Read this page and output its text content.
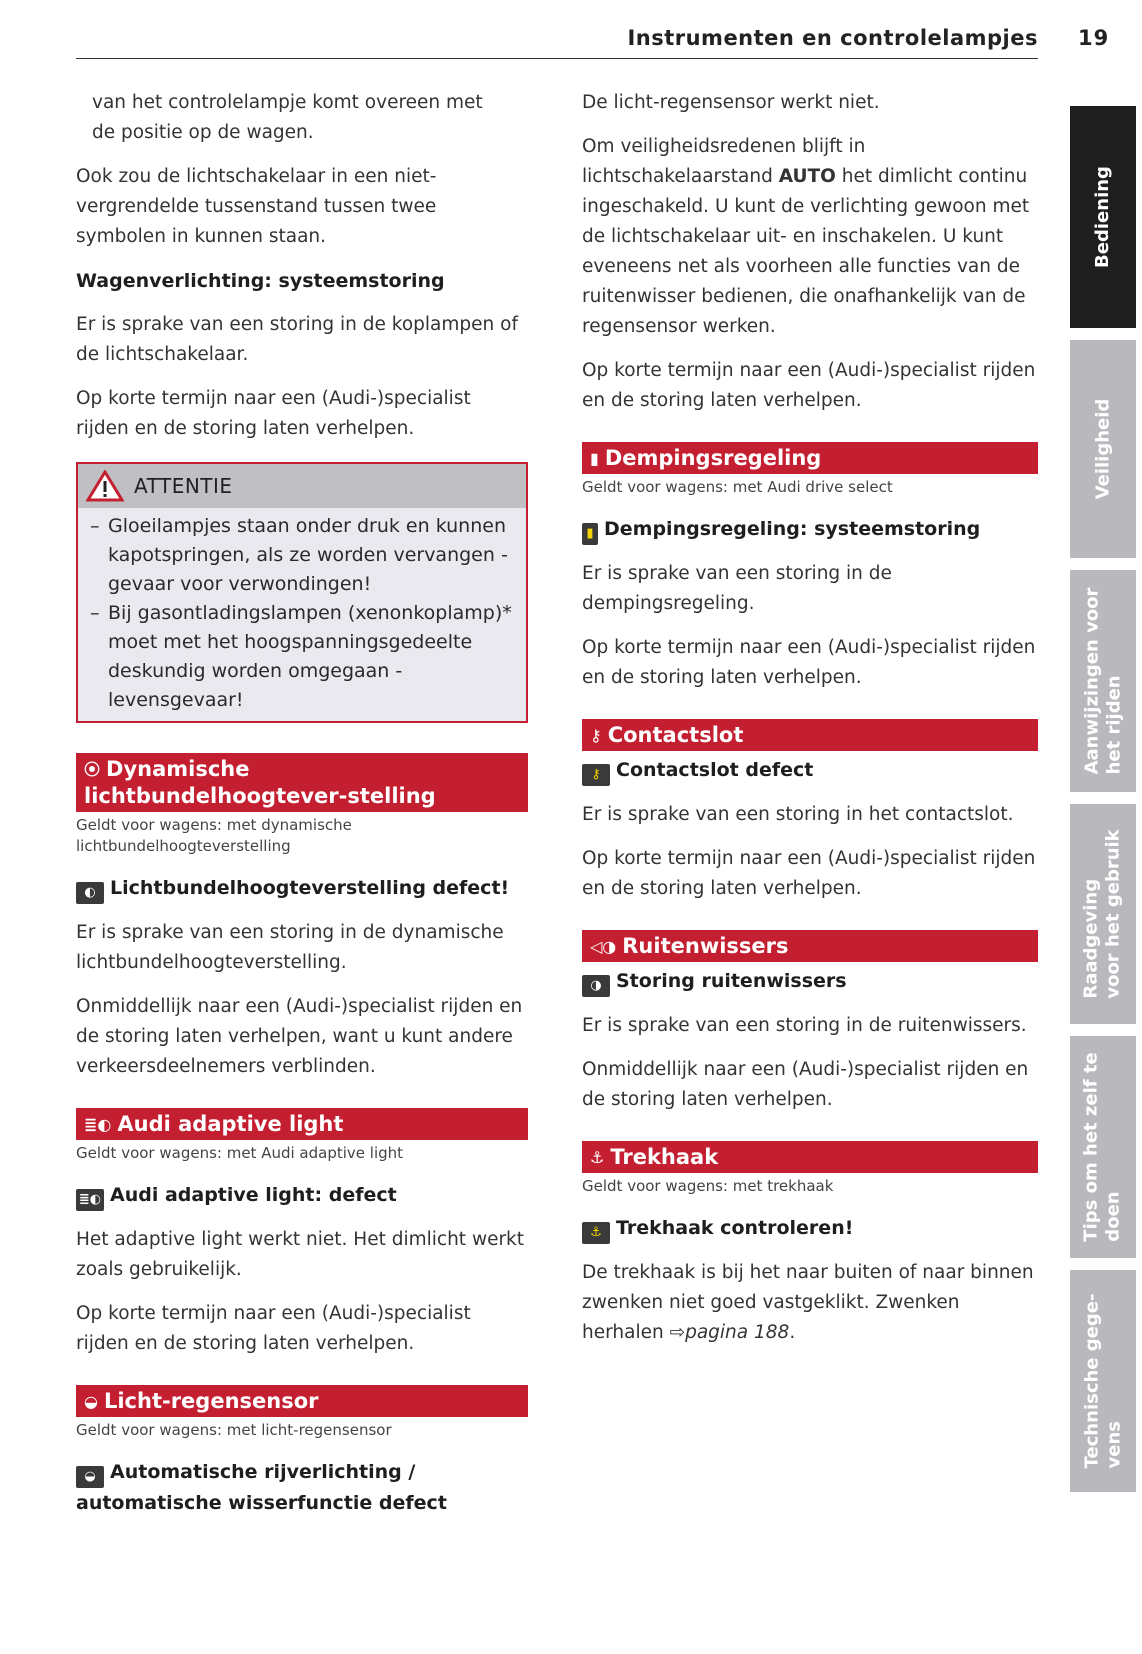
Instrumenten en controlelampjes 19
Bediening
Veiligheid
Aanwijzingen voor
het rijden
Raadgeving
voor het gebruik
Tips om het zelf te
doen
Technische gege-
vens

van het controlelampje komt overeen met

de positie op de wagen.

Ook zou de lichtschakelaar in een niet-vergrendelde tussenstand tussen twee symbolen in kunnen staan.

Wagenverlichting: systeemstoring

Er is sprake van een storing in de koplampen of de lichtschakelaar.

Op korte termijn naar een (Audi-)specialist rijden en de storing laten verhelpen.

ATTENTIE
– Gloeilampjes staan onder druk en kunnen kapotspringen, als ze worden vervangen - gevaar voor verwondingen!
– Bij gasontladingslampen (xenonkoplamp)* moet met het hoogspanningsgedeelte deskundig worden omgegaan - levensgevaar!
⦿ Dynamische lichtbundelhoogtever-stelling
Geldt voor wagens: met dynamische lichtbundelhoogteverstelling
◐ Lichtbundelhoogteverstelling defect!

Er is sprake van een storing in de dynamische lichtbundelhoogteverstelling.

Onmiddellijk naar een (Audi-)specialist rijden en de storing laten verhelpen, want u kunt andere verkeersdeelnemers verblinden.

≣◐ Audi adaptive light
Geldt voor wagens: met Audi adaptive light
≣◐ Audi adaptive light: defect

Het adaptive light werkt niet. Het dimlicht werkt zoals gebruikelijk.

Op korte termijn naar een (Audi-)specialist rijden en de storing laten verhelpen.

◒ Licht-regensensor
Geldt voor wagens: met licht-regensensor
◒ Automatische rijverlichting / automatische wisserfunctie defect

De licht-regensensor werkt niet.

Om veiligheidsredenen blijft in lichtschakelaarstand AUTO het dimlicht continu ingeschakeld. U kunt de verlichting gewoon met de lichtschakelaar uit- en inschakelen. U kunt eveneens net als voorheen alle functies van de ruitenwisser bedienen, die onafhankelijk van de regensensor werken.

Op korte termijn naar een (Audi-)specialist rijden en de storing laten verhelpen.

▮ Dempingsregeling
Geldt voor wagens: met Audi drive select
▮ Dempingsregeling: systeemstoring

Er is sprake van een storing in de dempingsregeling.

Op korte termijn naar een (Audi-)specialist rijden en de storing laten verhelpen.

⚷ Contactslot
⚷ Contactslot defect

Er is sprake van een storing in het contactslot.

Op korte termijn naar een (Audi-)specialist rijden en de storing laten verhelpen.

◁◑ Ruitenwissers
◑ Storing ruitenwissers

Er is sprake van een storing in de ruitenwissers.

Onmiddellijk naar een (Audi-)specialist rijden en de storing laten verhelpen.

⚓ Trekhaak
Geldt voor wagens: met trekhaak
⚓ Trekhaak controleren!

De trekhaak is bij het naar buiten of naar binnen zwenken niet goed vastgeklikt. Zwenken herhalen ⇨pagina 188.
